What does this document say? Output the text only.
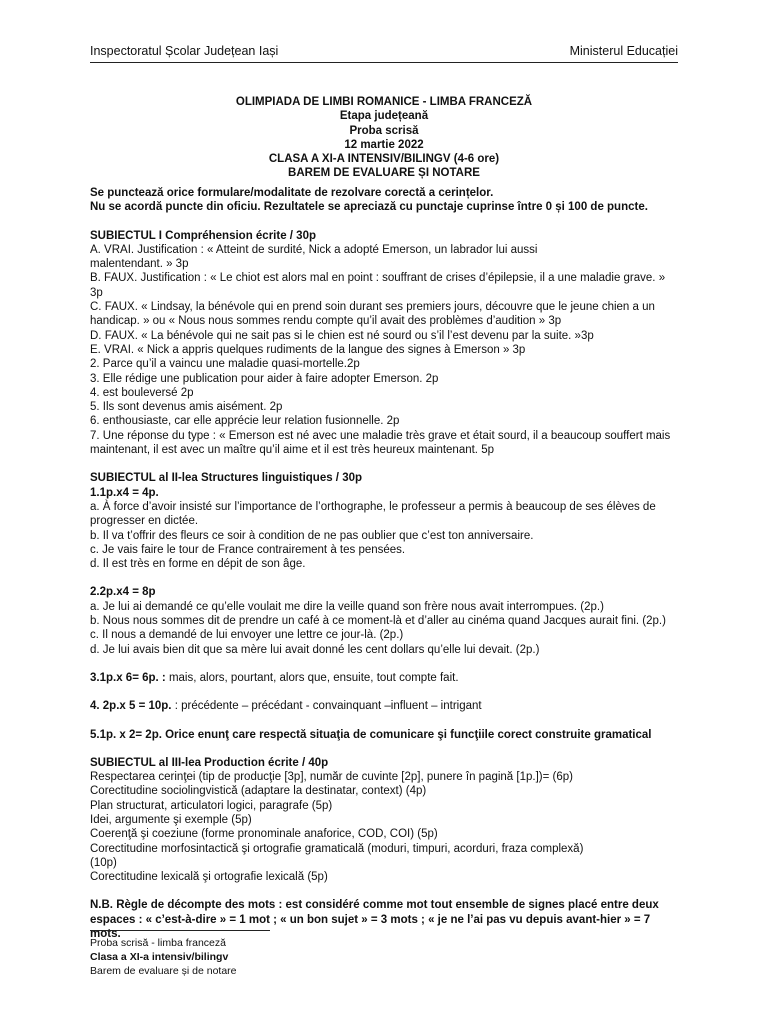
Inspectoratul Școlar Județean Iași	Ministerul Educației
OLIMPIADA DE LIMBI ROMANICE - LIMBA FRANCEZĂ
Etapa județeană
Proba scrisă
12 martie 2022
CLASA A XI-A INTENSIV/BILINGV (4-6 ore)
BAREM DE EVALUARE ȘI NOTARE

Se punctează orice formulare/modalitate de rezolvare corectă a cerințelor.

Nu se acordă puncte din oficiu. Rezultatele se apreciază cu punctaje cuprinse între 0 și 100 de puncte.

SUBIECTUL I Compréhension écrite / 30p

A. VRAI. Justification : « Atteint de surdité, Nick a adopté Emerson, un labrador lui aussi

malentendant. » 3p

B. FAUX. Justification : « Le chiot est alors mal en point : souffrant de crises d’épilepsie, il a une maladie grave. » 3p

C. FAUX. « Lindsay, la bénévole qui en prend soin durant ses premiers jours, découvre que le jeune chien a un

handicap. » ou « Nous nous sommes rendu compte qu’il avait des problèmes d’audition » 3p

D. FAUX. « La bénévole qui ne sait pas si le chien est né sourd ou s’il l’est devenu par la suite. »3p

E. VRAI. « Nick a appris quelques rudiments de la langue des signes à Emerson » 3p

2. Parce qu’il a vaincu une maladie quasi-mortelle.2p

3. Elle rédige une publication pour aider à faire adopter Emerson. 2p

4. est bouleversé 2p

5. Ils sont devenus amis aisément. 2p

6. enthousiaste, car elle apprécie leur relation fusionnelle. 2p

7. Une réponse du type : « Emerson est né avec une maladie très grave et était sourd, il a beaucoup souffert mais

maintenant, il est avec un maître qu’il aime et il est très heureux maintenant. 5p

SUBIECTUL al II-lea Structures linguistiques / 30p

1.1p.x4 = 4p.

a. À force d’avoir insisté sur l’importance de l’orthographe, le professeur a permis à beaucoup de ses élèves de

progresser en dictée.

b. Il va t’offrir des fleurs ce soir à condition de ne pas oublier que c’est ton anniversaire.

c. Je vais faire le tour de France contrairement à tes pensées.

d. Il est très en forme en dépit de son âge.

2.2p.x4 = 8p

a. Je lui ai demandé ce qu’elle voulait me dire la veille quand son frère nous avait interrompues. (2p.)

b. Nous nous sommes dit de prendre un café à ce moment-là et d’aller au cinéma quand Jacques aurait fini. (2p.)

c. Il nous a demandé de lui envoyer une lettre ce jour-là. (2p.)

d. Je lui avais bien dit que sa mère lui avait donné les cent dollars qu’elle lui devait. (2p.)

3.1p.x 6= 6p. : mais, alors, pourtant, alors que, ensuite, tout compte fait.

4. 2p.x 5 = 10p. : précédente – précédant - convainquant –influent – intrigant

5.1p. x 2= 2p. Orice enunţ care respectă situaţia de comunicare şi funcţiile corect construite gramatical

SUBIECTUL al III-lea Production écrite / 40p

Respectarea cerinţei (tip de producţie [3p], număr de cuvinte [2p], punere în pagină [1p.])= (6p)

Corectitudine sociolingvistică (adaptare la destinatar, context) (4p)

Plan structurat, articulatori logici, paragrafe (5p)

Idei, argumente şi exemple (5p)

Coerenţă şi coeziune (forme pronominale anaforice, COD, COI) (5p)

Corectitudine morfosintactică şi ortografie gramaticală (moduri, timpuri, acorduri, fraza complexă)

(10p)

Corectitudine lexicală şi ortografie lexicală (5p)

N.B. Règle de décompte des mots : est considéré comme mot tout ensemble de signes placé entre deux

espaces : « c’est-à-dire » = 1 mot ; « un bon sujet » = 3 mots ; « je ne l’ai pas vu depuis avant-hier » = 7 mots.

Proba scrisă - limba franceză
Clasa a XI-a intensiv/bilingv
Barem de evaluare și de notare
